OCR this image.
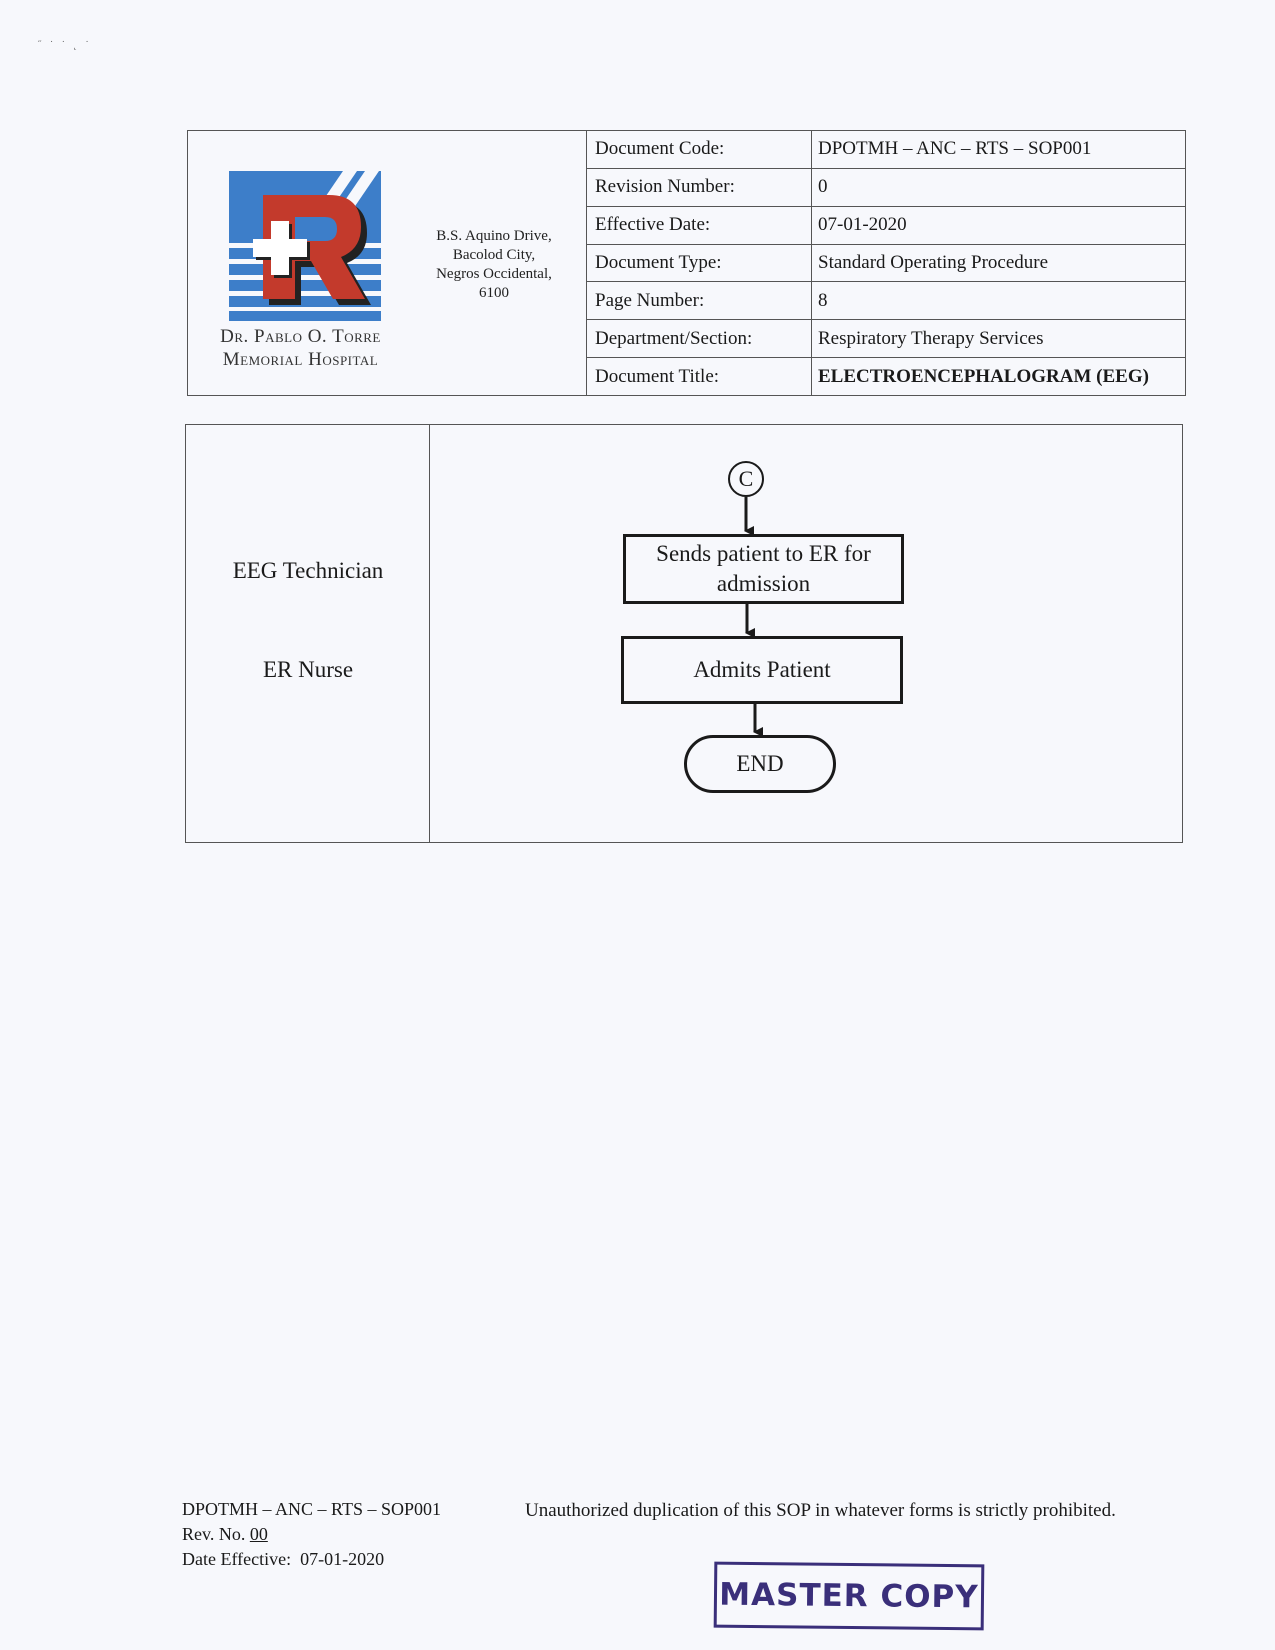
˝ ˙ ˙ ˛ ˙
Dr. Pablo O. Torre
Memorial Hospital
B.S. Aquino Drive,
Bacolod City,
Negros Occidental,
6100
Document Code:	DPOTMH – ANC – RTS – SOP001
Revision Number:	0
Effective Date:	07-01-2020
Document Type:	Standard Operating Procedure
Page Number:	8
Department/Section:	Respiratory Therapy Services
Document Title:	ELECTROENCEPHALOGRAM (EEG)
EEG Technician
ER Nurse
C
Sends patient to ER for admission
Admits Patient
END
DPOTMH – ANC – RTS – SOP001
Rev. No. 00
Date Effective: 07-01-2020
Unauthorized duplication of this SOP in whatever forms is strictly prohibited.
MASTER COPY
